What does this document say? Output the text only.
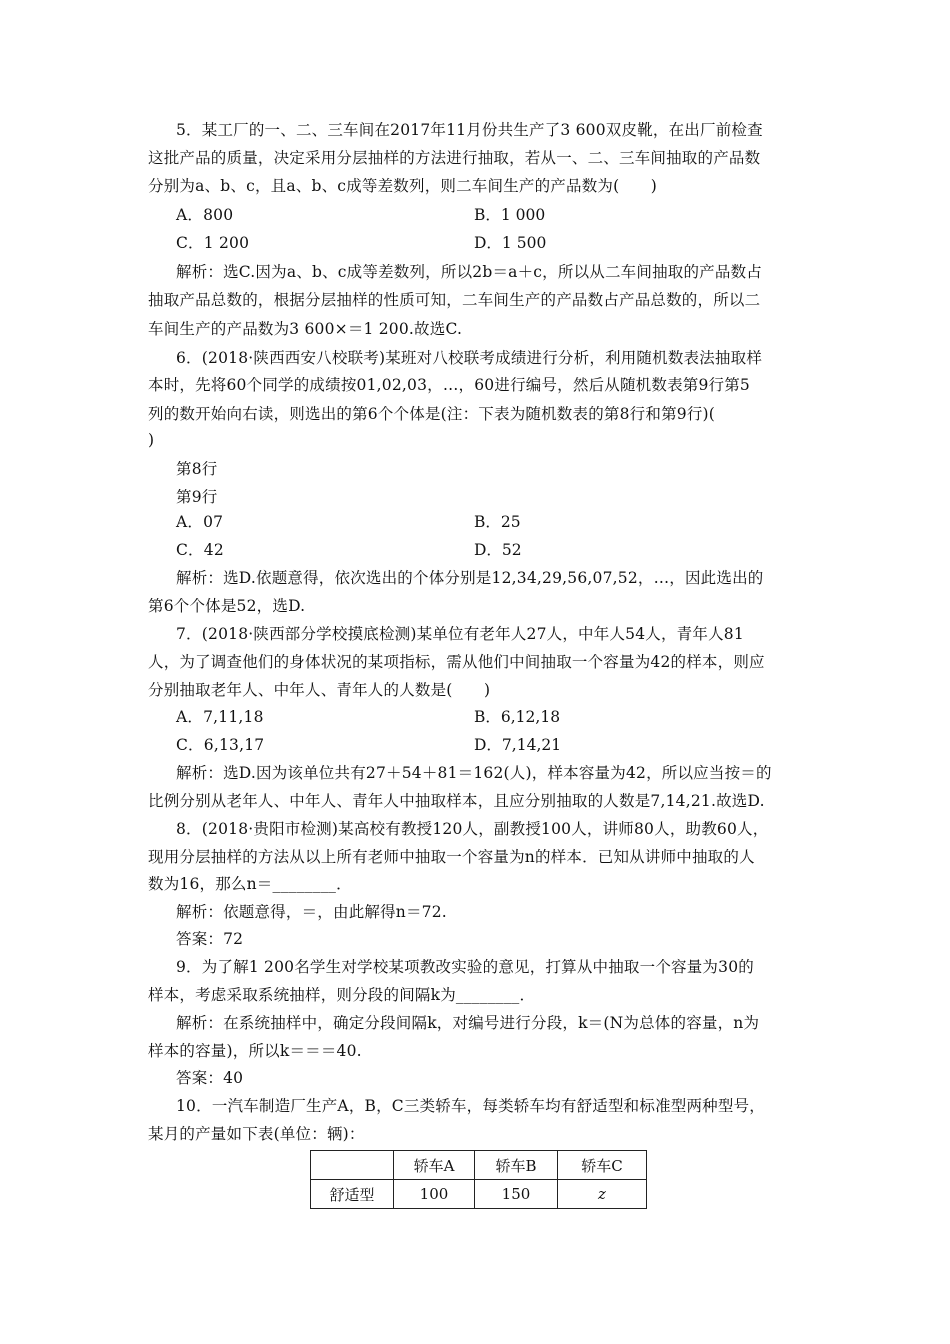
5．某工厂的一、二、三车间在2017年11月份共生产了3 600双皮靴，在出厂前检查
这批产品的质量，决定采用分层抽样的方法进行抽取，若从一、二、三车间抽取的产品数
分别为a、b、c，且a、b、c成等差数列，则二车间生产的产品数为(　　)
A．800	B．1 000
C．1 200	D．1 500
解析：选C.因为a、b、c成等差数列，所以2b＝a＋c，所以从二车间抽取的产品数占
抽取产品总数的，根据分层抽样的性质可知，二车间生产的产品数占产品总数的，所以二
车间生产的产品数为3 600×＝1 200.故选C.
6．(2018·陕西西安八校联考)某班对八校联考成绩进行分析，利用随机数表法抽取样
本时，先将60个同学的成绩按01,02,03，…，60进行编号，然后从随机数表第9行第5
列的数开始向右读，则选出的第6个个体是(注：下表为随机数表的第8行和第9行)(
)
第8行
第9行
A．07	B．25
C．42	D．52
解析：选D.依题意得，依次选出的个体分别是12,34,29,56,07,52，…，因此选出的
第6个个体是52，选D.
7．(2018·陕西部分学校摸底检测)某单位有老年人27人，中年人54人，青年人81
人，为了调查他们的身体状况的某项指标，需从他们中间抽取一个容量为42的样本，则应
分别抽取老年人、中年人、青年人的人数是(　　)
A．7,11,18	B．6,12,18
C．6,13,17	D．7,14,21
解析：选D.因为该单位共有27＋54＋81＝162(人)，样本容量为42，所以应当按＝的
比例分别从老年人、中年人、青年人中抽取样本，且应分别抽取的人数是7,14,21.故选D.
8．(2018·贵阳市检测)某高校有教授120人，副教授100人，讲师80人，助教60人，
现用分层抽样的方法从以上所有老师中抽取一个容量为n的样本．已知从讲师中抽取的人
数为16，那么n＝________．
解析：依题意得，＝，由此解得n＝72.
答案：72
9．为了解1 200名学生对学校某项教改实验的意见，打算从中抽取一个容量为30的
样本，考虑采取系统抽样，则分段的间隔k为________．
解析：在系统抽样中，确定分段间隔k，对编号进行分段，k＝(N为总体的容量，n为
样本的容量)，所以k＝＝＝40.
答案：40
10．一汽车制造厂生产A，B，C三类轿车，每类轿车均有舒适型和标准型两种型号，
某月的产量如下表(单位：辆)：
	轿车A	轿车B	轿车C
舒适型	100	150	z
